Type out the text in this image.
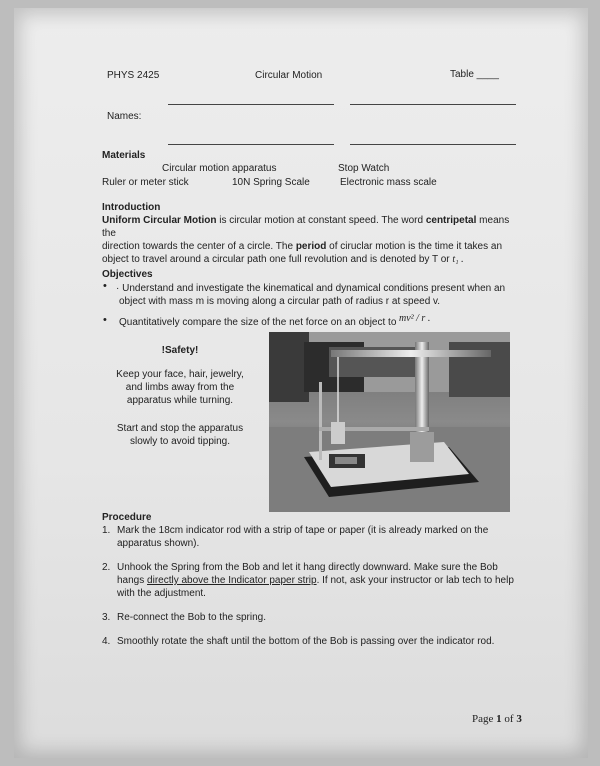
PHYS 2425	Circular Motion	Table ____
Names:
Materials
Circular motion apparatus	Stop Watch
Ruler or meter stick	10N Spring Scale	Electronic mass scale
Introduction
Uniform Circular Motion is circular motion at constant speed. The word centripetal means the
direction towards the center of a circle. The period of ciruclar motion is the time it takes an
object to travel around a circular path one full revolution and is denoted by T or t₁ .
Objectives
• · Understand and investigate the kinematical and dynamical conditions present when an
object with mass m is moving along a circular path of radius r at speed v.
• Quantitatively compare the size of the net force on an object to mv² / r .
!Safety!
Keep your face, hair, jewelry,
and limbs away from the
apparatus while turning.
Start and stop the apparatus
slowly to avoid tipping.
Procedure
1. Mark the 18cm indicator rod with a strip of tape or paper (it is already marked on the
apparatus shown).
2. Unhook the Spring from the Bob and let it hang directly downward. Make sure the Bob
hangs directly above the Indicator paper strip. If not, ask your instructor or lab tech to help
with the adjustment.
3. Re-connect the Bob to the spring.
4. Smoothly rotate the shaft until the bottom of the Bob is passing over the indicator rod.
Page 1 of 3
